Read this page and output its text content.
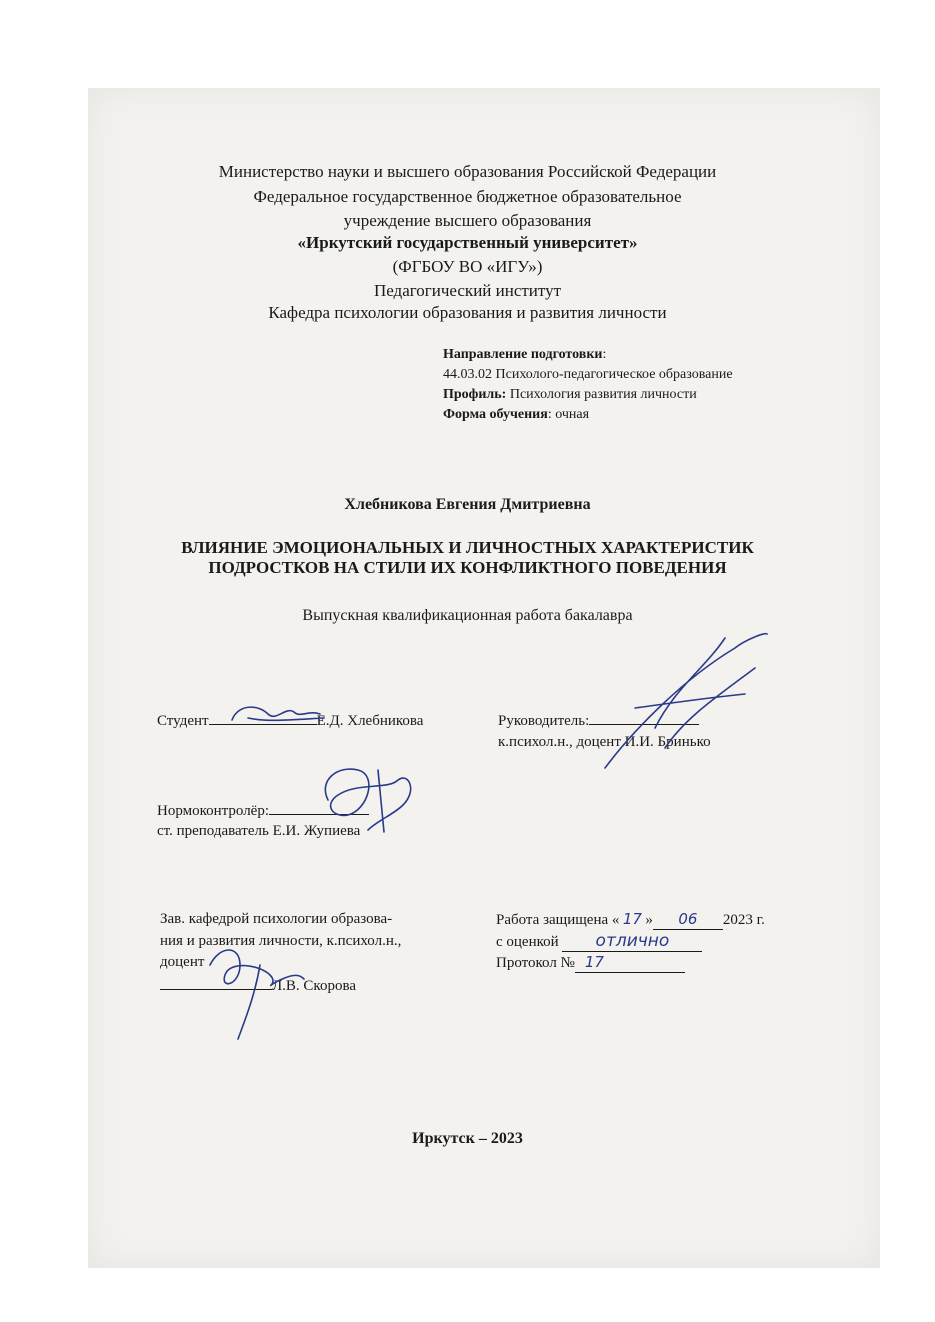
Министерство науки и высшего образования Российской Федерации
Федеральное государственное бюджетное образовательное
учреждение высшего образования
«Иркутский государственный университет»
(ФГБОУ ВО «ИГУ»)
Педагогический институт
Кафедра психологии образования и развития личности
Направление подготовки:
44.03.02 Психолого-педагогическое образование
Профиль: Психология развития личности
Форма обучения: очная
Хлебникова Евгения Дмитриевна
ВЛИЯНИЕ ЭМОЦИОНАЛЬНЫХ И ЛИЧНОСТНЫХ ХАРАКТЕРИСТИК
ПОДРОСТКОВ НА СТИЛИ ИХ КОНФЛИКТНОГО ПОВЕДЕНИЯ
Выпускная квалификационная работа бакалавра
Студент	Е.Д. Хлебникова	Руководитель:
к.психол.н., доцент И.И. Бринько
Нормоконтролёр:
ст. преподаватель Е.И. Жупиева
Зав. кафедрой психологии образова-
ния и развития личности, к.психол.н.,
доцент
Л.В. Скорова
Работа защищена « 17 » 06 2023 г.
с оценкой отлично
Протокол № 17
Иркутск – 2023
